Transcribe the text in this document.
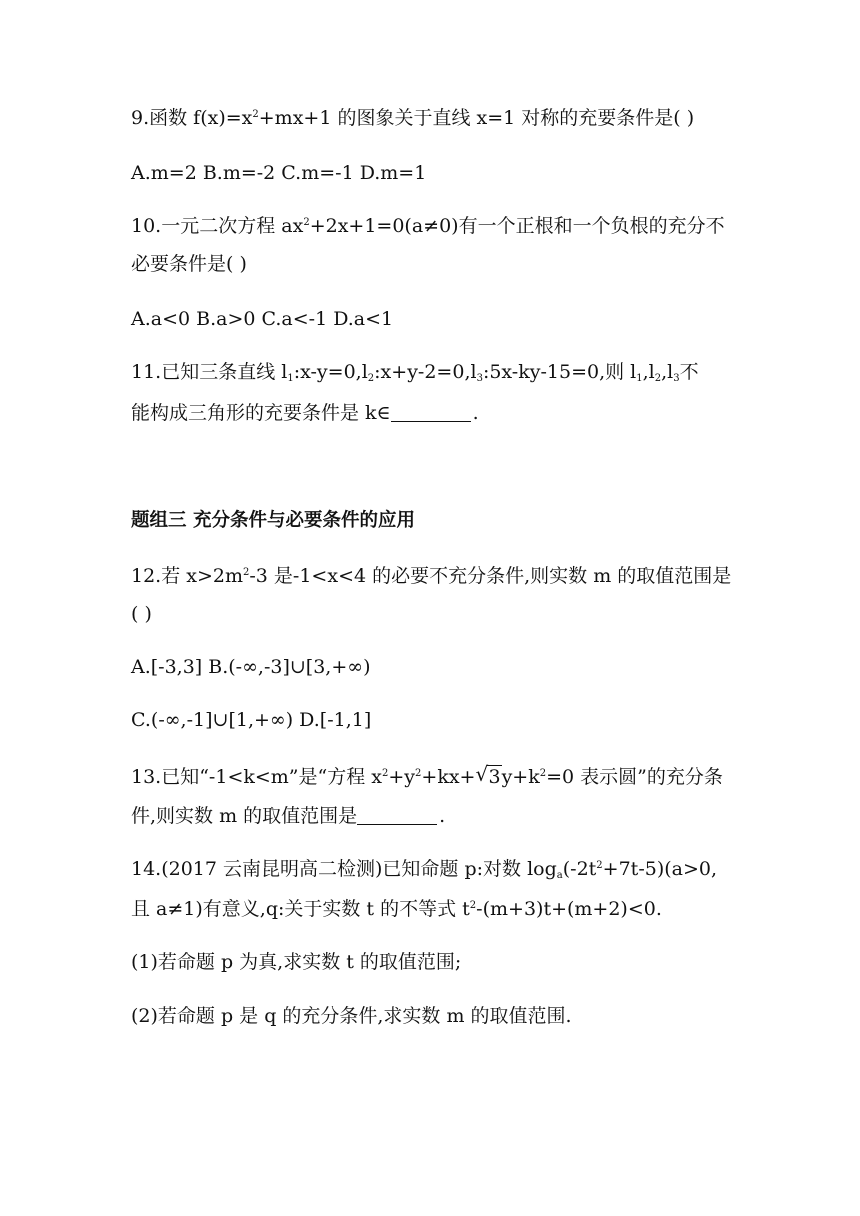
9.函数 $f(x)=x^2+mx+1$ 的图象关于直线 x=1 对称的充要条件是( )

A.m=2 B.m=-2 C.m=-1 D.m=1

10.一元二次方程 $ax^2+2x+1=0(a\ne 0)$有一个正根和一个负根的充分不

必要条件是( )

A.a<0 B.a>0 C.a<-1 D.a<1

11.已知三条直线 $l_1:x-y=0,l_2:x+y-2=0,l_3:5x-ky-15=0$,则 $l_1,l_2,l_3$不

能构成三角形的充要条件是 k∈	.

题组三 充分条件与必要条件的应用

12.若 $x>2m^2-3$ 是-1<x<4 的必要不充分条件,则实数 m 的取值范围是

( )

A.[-3,3] B.(-∞,-3]∪[3,+∞)

C.(-∞,-1]∪[1,+∞) D.[-1,1]

13.已知“-1<k<m”是“方程 $x^2+y^2+kx+$ √ $3y+k^2=0$ 表示圆”的充分条

件,则实数 m 的取值范围是	.

14.(2017 云南昆明高二检测)已知命题 p:对数 $\log_a(-2t^2+7t-5)(a>0$,

且 a≠1)有意义,q:关于实数 t 的不等式 $t^2-(m+3)t+(m+2)<0$.

(1)若命题 p 为真,求实数 t 的取值范围;

(2)若命题 p 是 q 的充分条件,求实数 m 的取值范围.
